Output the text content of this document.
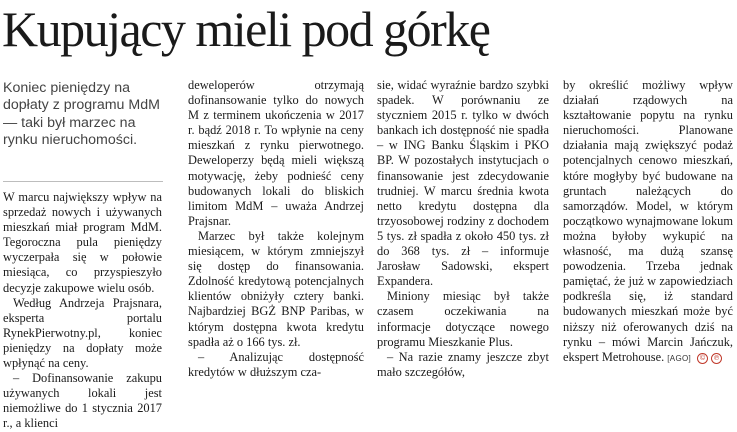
Kupujący mieli pod górkę

Koniec pieniędzy na dopłaty z programu MdM — taki był marzec na rynku nieruchomości.

W marcu największy wpływ na sprzedaż nowych i używanych mieszkań miał program MdM. Tegoroczna pula pieniędzy wyczerpała się w połowie miesiąca, co przyspieszyło decyzje zakupowe wielu osób.

Według Andrzeja Prajsnara, eksperta portalu RynekPierwotny.pl, koniec pieniędzy na dopłaty może wpłynąć na ceny.

– Dofinansowanie zakupu używanych lokali jest niemożliwe do 1 stycznia 2017 r., a klienci

deweloperów otrzymają dofinansowanie tylko do nowych M z terminem ukończenia w 2017 r. bądź 2018 r. To wpłynie na ceny mieszkań z rynku pierwotnego. Deweloperzy będą mieli większą motywację, żeby podnieść ceny budowanych lokali do bliskich limitom MdM – uważa Andrzej Prajsnar.

Marzec był także kolejnym miesiącem, w którym zmniejszył się dostęp do finansowania. Zdolność kredytową potencjalnych klientów obniżyły cztery banki. Najbardziej BGŻ BNP Paribas, w którym dostępna kwota kredytu spadła aż o 166 tys. zł.

– Analizując dostępność kredytów w dłuższym cza-

sie, widać wyraźnie bardzo szybki spadek. W porównaniu ze styczniem 2015 r. tylko w dwóch bankach ich dostępność nie spadła – w ING Banku Śląskim i PKO BP. W pozostałych instytucjach o finansowanie jest zdecydowanie trudniej. W marcu średnia kwota netto kredytu dostępna dla trzyosobowej rodziny z dochodem 5 tys. zł spadła z około 450 tys. zł do 368 tys. zł – informuje Jarosław Sadowski, ekspert Expandera.

Miniony miesiąc był także czasem oczekiwania na informacje dotyczące nowego programu Mieszkanie Plus.

– Na razie znamy jeszcze zbyt mało szczegółów,

by określić możliwy wpływ działań rządowych na kształtowanie popytu na rynku nieruchomości. Planowane działania mają zwiększyć podaż potencjalnych cenowo mieszkań, które mogłyby być budowane na gruntach należących do samorządów. Model, w którym początkowo wynajmowane lokum można byłoby wykupić na własność, ma dużą szansę powodzenia. Trzeba jednak pamiętać, że już w zapowiedziach podkreśla się, iż standard budowanych mieszkań może być niższy niż oferowanych dziś na rynku – mówi Marcin Jańczuk, ekspert Metrohouse. [AGO] © ℗
